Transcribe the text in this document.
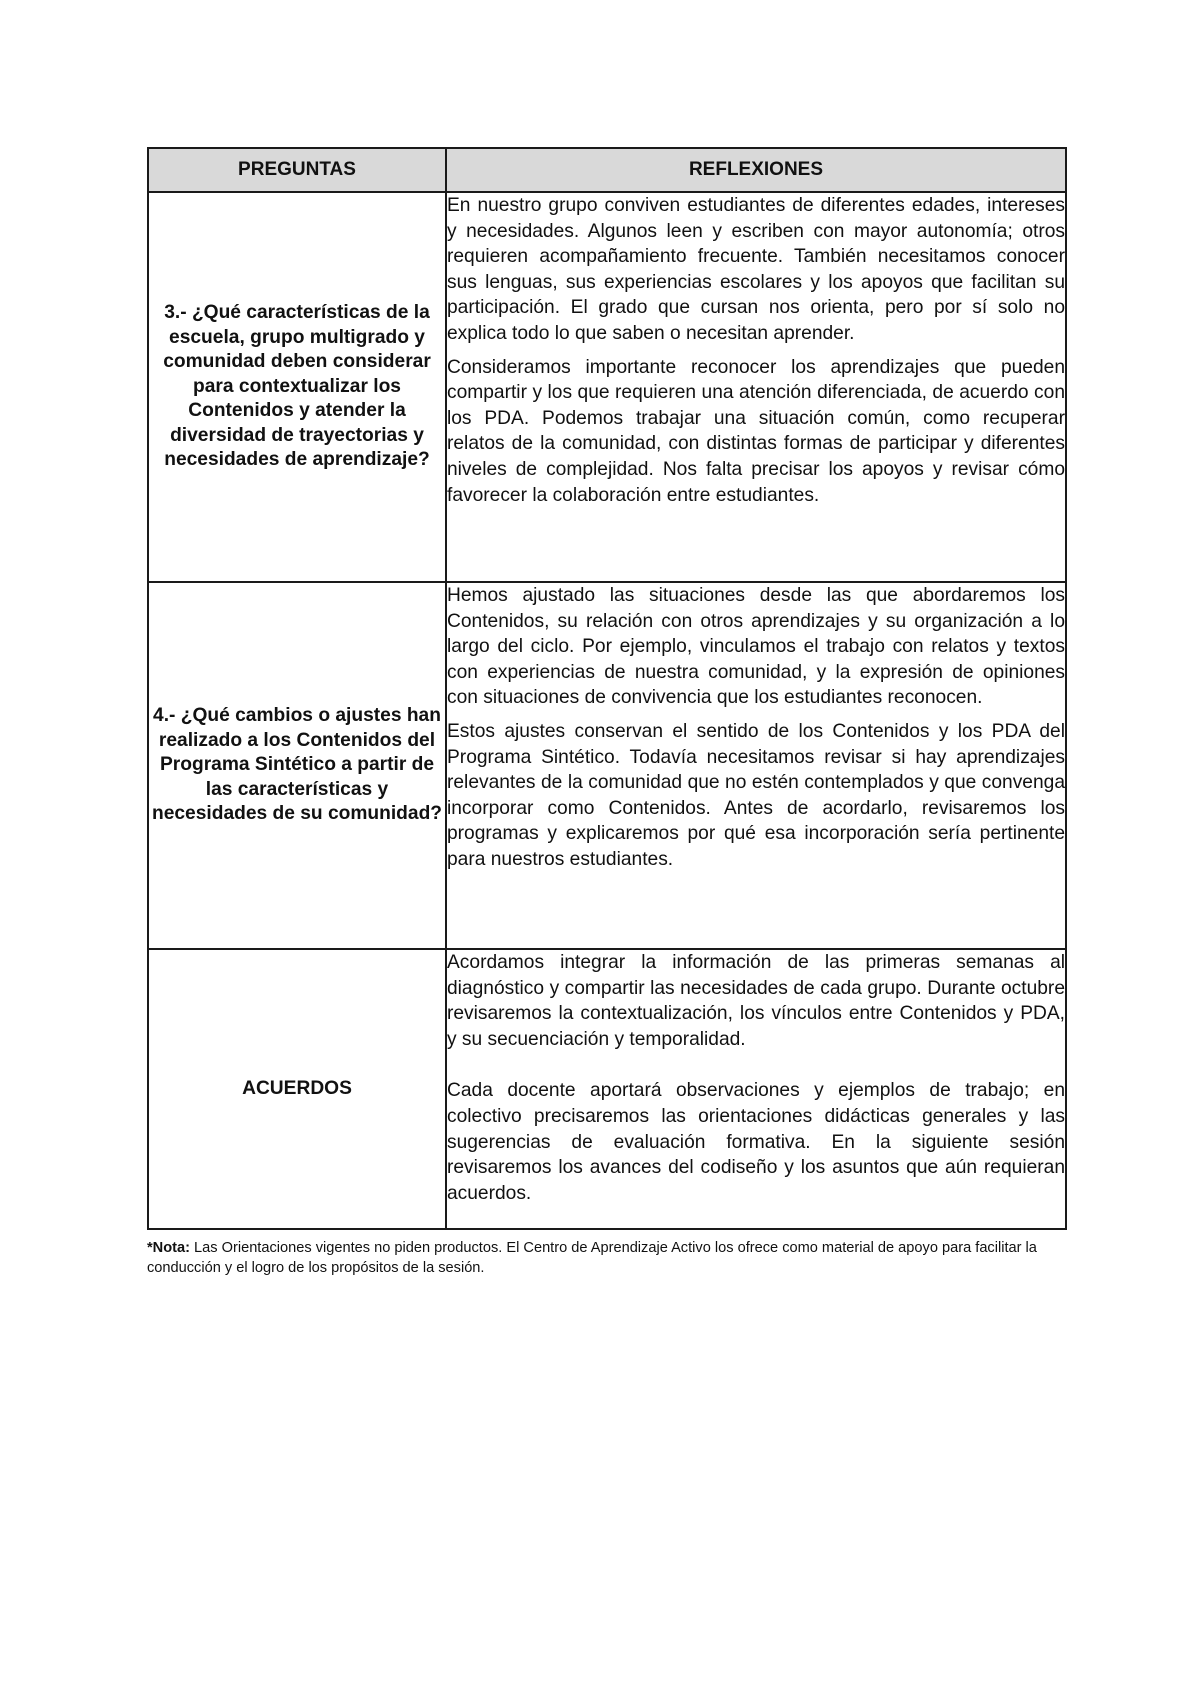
PREGUNTAS	REFLEXIONES
3.- ¿Qué características de la escuela, grupo multigrado y comunidad deben considerar para contextualizar los Contenidos y atender la diversidad de trayectorias y necesidades de aprendizaje?	En nuestro grupo conviven estudiantes de diferentes edades, intereses y necesidades. Algunos leen y escriben con mayor autonomía; otros requieren acompañamiento frecuente. También necesitamos conocer sus lenguas, sus experiencias escolares y los apoyos que facilitan su participación. El grado que cursan nos orienta, pero por sí solo no explica todo lo que saben o necesitan aprender.

Consideramos importante reconocer los aprendizajes que pueden compartir y los que requieren una atención diferenciada, de acuerdo con los PDA. Podemos trabajar una situación común, como recuperar relatos de la comunidad, con distintas formas de participar y diferentes niveles de complejidad. Nos falta precisar los apoyos y revisar cómo favorecer la colaboración entre estudiantes.

4.- ¿Qué cambios o ajustes han realizado a los Contenidos del Programa Sintético a partir de las características y necesidades de su comunidad?	Hemos ajustado las situaciones desde las que abordaremos los Contenidos, su relación con otros aprendizajes y su organización a lo largo del ciclo. Por ejemplo, vinculamos el trabajo con relatos y textos con experiencias de nuestra comunidad, y la expresión de opiniones con situaciones de convivencia que los estudiantes reconocen.

Estos ajustes conservan el sentido de los Contenidos y los PDA del Programa Sintético. Todavía necesitamos revisar si hay aprendizajes relevantes de la comunidad que no estén contemplados y que convenga incorporar como Contenidos. Antes de acordarlo, revisaremos los programas y explicaremos por qué esa incorporación sería pertinente para nuestros estudiantes.

ACUERDOS	Acordamos integrar la información de las primeras semanas al diagnóstico y compartir las necesidades de cada grupo. Durante octubre revisaremos la contextualización, los vínculos entre Contenidos y PDA, y su secuenciación y temporalidad.

Cada docente aportará observaciones y ejemplos de trabajo; en colectivo precisaremos las orientaciones didácticas generales y las sugerencias de evaluación formativa. En la siguiente sesión revisaremos los avances del codiseño y los asuntos que aún requieran acuerdos.

*Nota: Las Orientaciones vigentes no piden productos. El Centro de Aprendizaje Activo los ofrece como material de apoyo para facilitar la conducción y el logro de los propósitos de la sesión.
